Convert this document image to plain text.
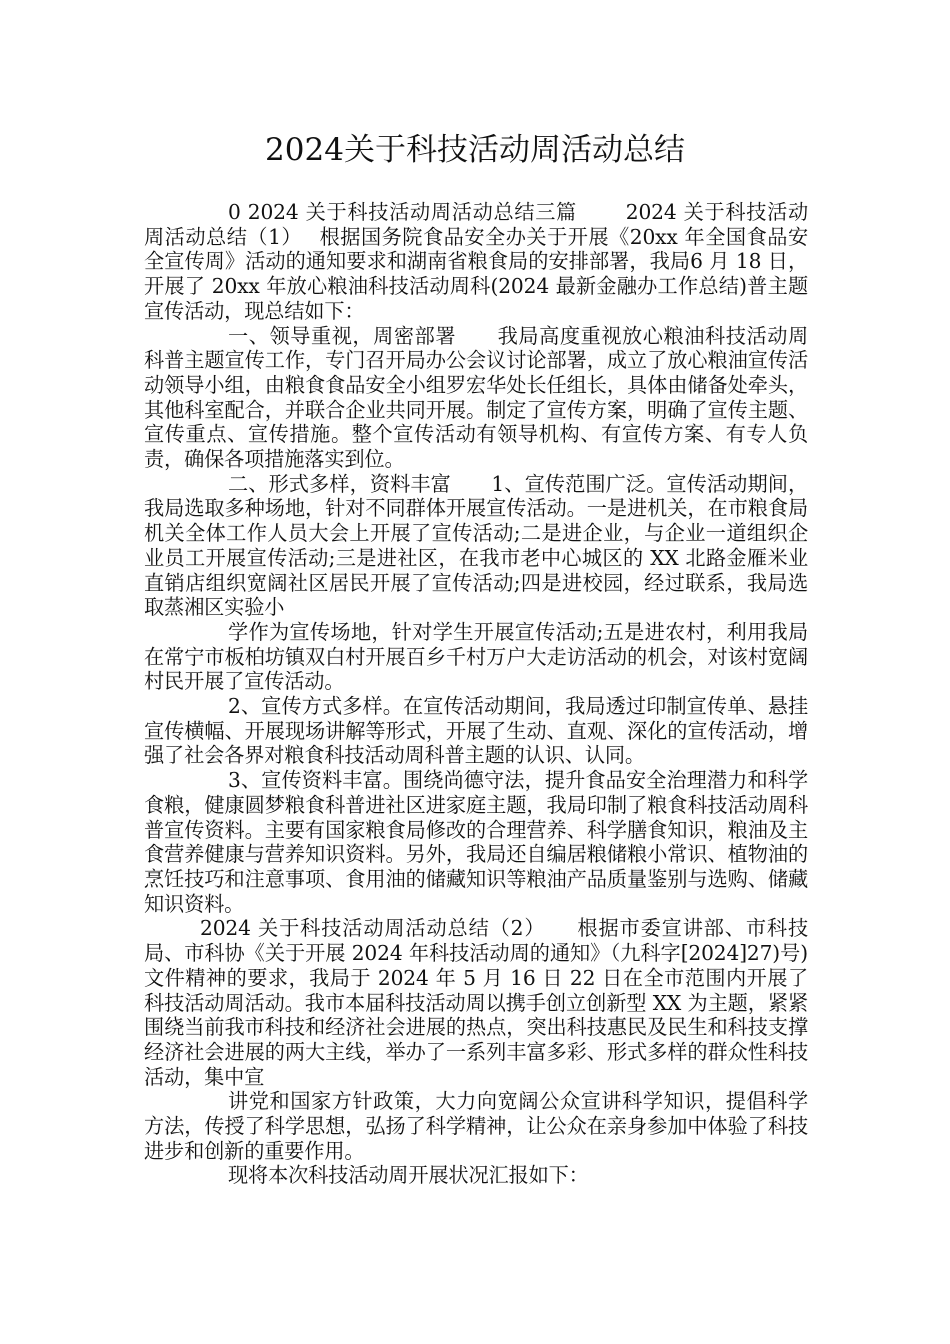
2024关于科技活动周活动总结

0 2024 关于科技活动周活动总结三篇　　 2024 关于科技活动周活动总结（1）　 根据国务院食品安全办关于开展《20xx 年全国食品安全宣传周》活动的通知要求和湖南省粮食局的安排部署，我局6 月 18 日，开展了 20xx 年放心粮油科技活动周科(2024 最新金融办工作总结)普主题宣传活动，现总结如下：

一、领导重视，周密部署　　我局高度重视放心粮油科技活动周科普主题宣传工作，专门召开局办公会议讨论部署，成立了放心粮油宣传活动领导小组，由粮食食品安全小组罗宏华处长任组长，具体由储备处牵头，其他科室配合，并联合企业共同开展。制定了宣传方案，明确了宣传主题、宣传重点、宣传措施。整个宣传活动有领导机构、有宣传方案、有专人负责，确保各项措施落实到位。

二、形式多样，资料丰富　　1、宣传范围广泛。宣传活动期间，我局选取多种场地，针对不同群体开展宣传活动。一是进机关，在市粮食局机关全体工作人员大会上开展了宣传活动;二是进企业，与企业一道组织企业员工开展宣传活动;三是进社区，在我市老中心城区的 XX 北路金雁米业直销店组织宽阔社区居民开展了宣传活动;四是进校园，经过联系，我局选取蒸湘区实验小

学作为宣传场地，针对学生开展宣传活动;五是进农村，利用我局在常宁市板柏坊镇双白村开展百乡千村万户大走访活动的机会，对该村宽阔村民开展了宣传活动。

2、宣传方式多样。在宣传活动期间，我局透过印制宣传单、悬挂宣传横幅、开展现场讲解等形式，开展了生动、直观、深化的宣传活动，增强了社会各界对粮食科技活动周科普主题的认识、认同。

3、宣传资料丰富。围绕尚德守法，提升食品安全治理潜力和科学食粮，健康圆梦粮食科普进社区进家庭主题，我局印制了粮食科技活动周科普宣传资料。主要有国家粮食局修改的合理营养、科学膳食知识，粮油及主食营养健康与营养知识资料。另外，我局还自编居粮储粮小常识、植物油的烹饪技巧和注意事项、食用油的储藏知识等粮油产品质量鉴别与选购、储藏知识资料。

2024 关于科技活动周活动总结（2）　　根据市委宣讲部、市科技局、市科协《关于开展 2024 年科技活动周的通知》（九科字[2024]27)号)文件精神的要求，我局于 2024 年 5 月 16 日 22 日在全市范围内开展了科技活动周活动。我市本届科技活动周以携手创立创新型 XX 为主题，紧紧围绕当前我市科技和经济社会进展的热点，突出科技惠民及民生和科技支撑经济社会进展的两大主线，举办了一系列丰富多彩、形式多样的群众性科技活动，集中宣

讲党和国家方针政策，大力向宽阔公众宣讲科学知识，提倡科学方法，传授了科学思想，弘扬了科学精神，让公众在亲身参加中体验了科技进步和创新的重要作用。

现将本次科技活动周开展状况汇报如下：
